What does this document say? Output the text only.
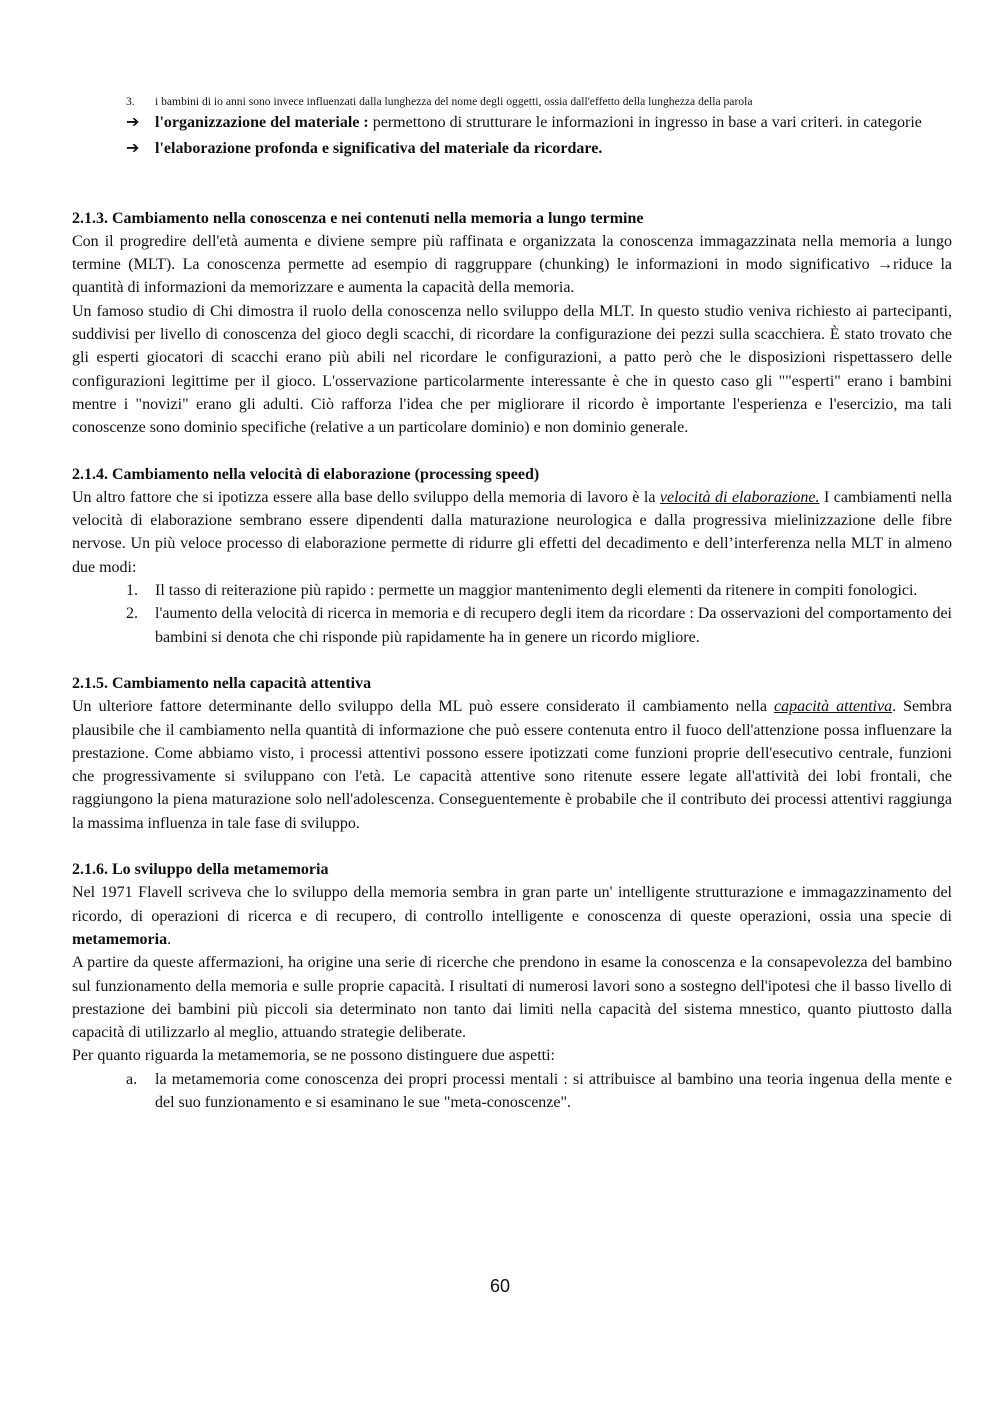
3. i bambini di io anni sono invece influenzati dalla lunghezza del nome degli oggetti, ossia dall'effetto della lunghezza della parola

➔ l'organizzazione del materiale : permettono di strutturare le informazioni in ingresso in base a vari criteri. in categorie

➔ l'elaborazione profonda e significativa del materiale da ricordare.

2.1.3. Cambiamento nella conoscenza e nei contenuti nella memoria a lungo termine

Con il progredire dell'età aumenta e diviene sempre più raffinata e organizzata la conoscenza immagazzinata nella memoria a lungo termine (MLT). La conoscenza permette ad esempio di raggruppare (chunking) le informazioni in modo significativo →riduce la quantità di informazioni da memorizzare e aumenta la capacità della memoria.

Un famoso studio di Chi dimostra il ruolo della conoscenza nello sviluppo della MLT. In questo studio veniva richiesto ai partecipanti, suddivisi per livello di conoscenza del gioco degli scacchi, di ricordare la configurazione dei pezzi sulla scacchiera. È stato trovato che gli esperti giocatori di scacchi erano più abili nel ricordare le configurazioni, a patto però che le disposizioni rispettassero delle configurazioni legittime per il gioco. L'osservazione particolarmente interessante è che in questo caso gli ""esperti" erano i bambini mentre i "novizi" erano gli adulti. Ciò rafforza l'idea che per migliorare il ricordo è importante l'esperienza e l'esercizio, ma tali conoscenze sono dominio specifiche (relative a un particolare dominio) e non dominio generale.

2.1.4. Cambiamento nella velocità di elaborazione (processing speed)

Un altro fattore che si ipotizza essere alla base dello sviluppo della memoria di lavoro è la velocità di elaborazione. I cambiamenti nella velocità di elaborazione sembrano essere dipendenti dalla maturazione neurologica e dalla progressiva mielinizzazione delle fibre nervose. Un più veloce processo di elaborazione permette di ridurre gli effetti del decadimento e dell’interferenza nella MLT in almeno due modi:

1. Il tasso di reiterazione più rapido : permette un maggior mantenimento degli elementi da ritenere in compiti fonologici.
2. l'aumento della velocità di ricerca in memoria e di recupero degli item da ricordare : Da osservazioni del comportamento dei bambini si denota che chi risponde più rapidamente ha in genere un ricordo migliore.

2.1.5. Cambiamento nella capacità attentiva

Un ulteriore fattore determinante dello sviluppo della ML può essere considerato il cambiamento nella capacità attentiva. Sembra plausibile che il cambiamento nella quantità di informazione che può essere contenuta entro il fuoco dell'attenzione possa influenzare la prestazione. Come abbiamo visto, i processi attentivi possono essere ipotizzati come funzioni proprie dell'esecutivo centrale, funzioni che progressivamente si sviluppano con l'età. Le capacità attentive sono ritenute essere legate all'attività dei lobi frontali, che raggiungono la piena maturazione solo nell'adolescenza. Conseguentemente è probabile che il contributo dei processi attentivi raggiunga la massima influenza in tale fase di sviluppo.

2.1.6. Lo sviluppo della metamemoria

Nel 1971 Flavell scriveva che lo sviluppo della memoria sembra in gran parte un' intelligente strutturazione e immagazzinamento del ricordo, di operazioni di ricerca e di recupero, di controllo intelligente e conoscenza di queste operazioni, ossia una specie di metamemoria.

A partire da queste affermazioni, ha origine una serie di ricerche che prendono in esame la conoscenza e la consapevolezza del bambino sul funzionamento della memoria e sulle proprie capacità. I risultati di numerosi lavori sono a sostegno dell'ipotesi che il basso livello di prestazione dei bambini più piccoli sia determinato non tanto dai limiti nella capacità del sistema mnestico, quanto piuttosto dalla capacità di utilizzarlo al meglio, attuando strategie deliberate.

Per quanto riguarda la metamemoria, se ne possono distinguere due aspetti:

a. la metamemoria come conoscenza dei propri processi mentali : si attribuisce al bambino una teoria ingenua della mente e del suo funzionamento e si esaminano le sue "meta-conoscenze".
60
